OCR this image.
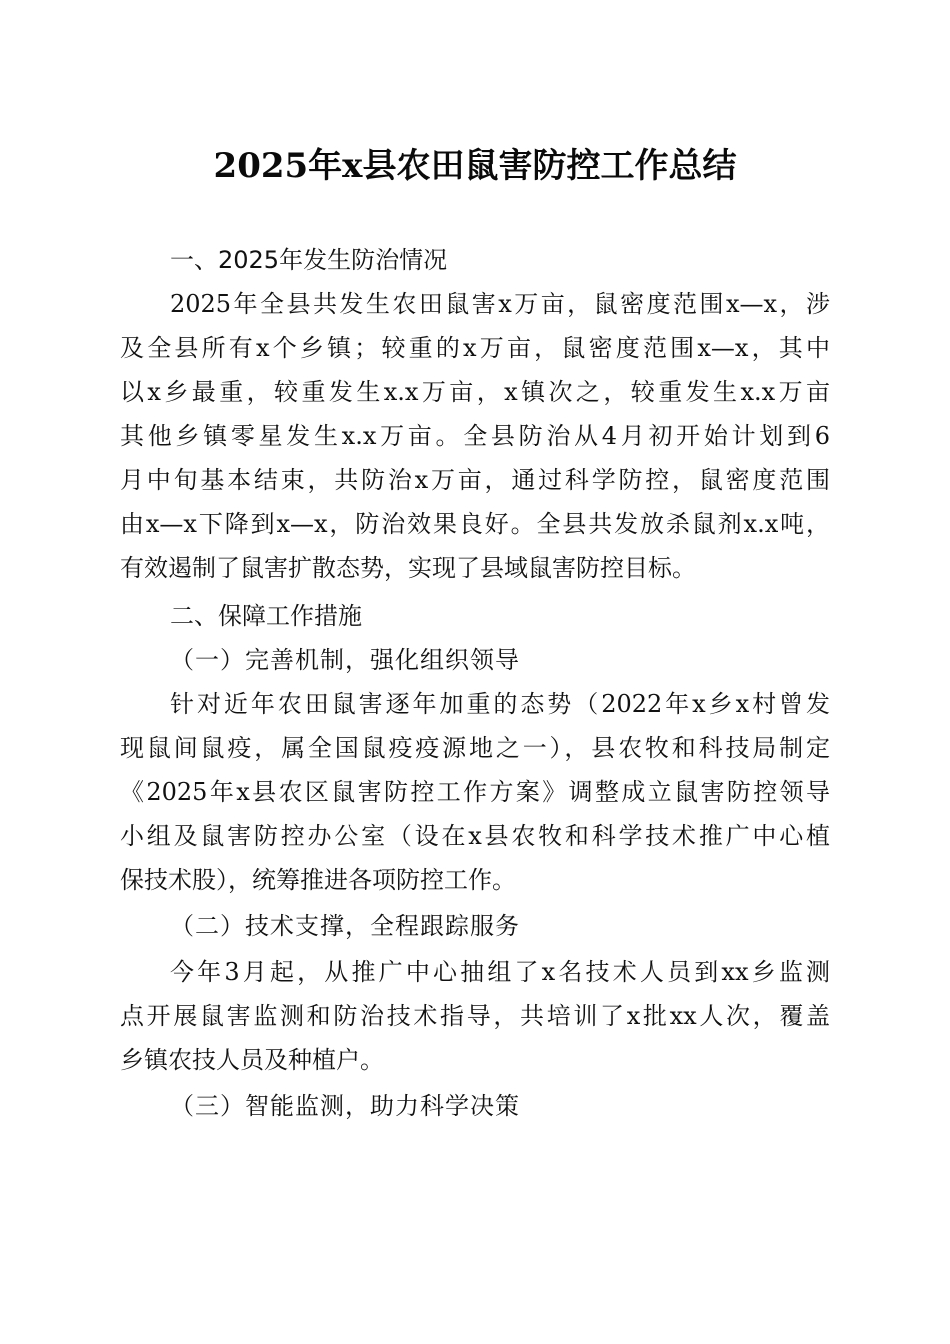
2025年x县农田鼠害防控工作总结
一、2025年发生防治情况
2025年全县共发生农田鼠害x万亩，鼠密度范围x—x，涉
及全县所有x个乡镇；较重的x万亩，鼠密度范围x—x，其中
以x乡最重，较重发生x.x万亩，x镇次之，较重发生x.x万亩
其他乡镇零星发生x.x万亩。全县防治从4月初开始计划到6
月中旬基本结束，共防治x万亩，通过科学防控，鼠密度范围
由x—x下降到x—x，防治效果良好。全县共发放杀鼠剂x.x吨，
有效遏制了鼠害扩散态势，实现了县域鼠害防控目标。
二、保障工作措施
（一）完善机制，强化组织领导
针对近年农田鼠害逐年加重的态势（2022年x乡x村曾发
现鼠间鼠疫，属全国鼠疫疫源地之一），县农牧和科技局制定
《2025年x县农区鼠害防控工作方案》调整成立鼠害防控领导
小组及鼠害防控办公室（设在x县农牧和科学技术推广中心植
保技术股），统筹推进各项防控工作。
（二）技术支撑，全程跟踪服务
今年3月起，从推广中心抽组了x名技术人员到xx乡监测
点开展鼠害监测和防治技术指导，共培训了x批xx人次，覆盖
乡镇农技人员及种植户。
（三）智能监测，助力科学决策
